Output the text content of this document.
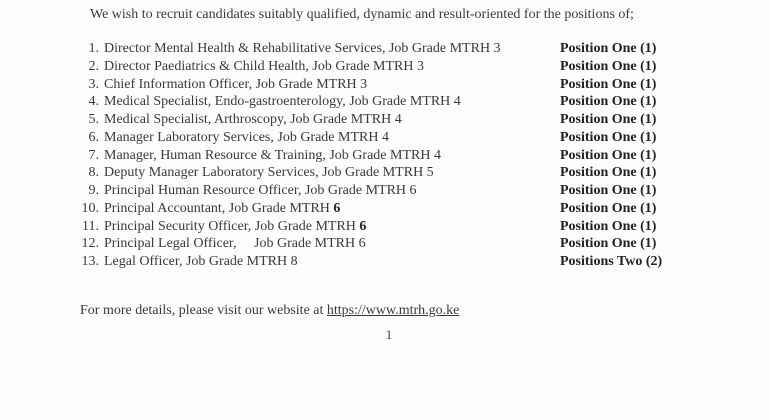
We wish to recruit candidates suitably qualified, dynamic and result-oriented for the positions of;
1. Director Mental Health & Rehabilitative Services, Job Grade MTRH 3	Position One (1)
2. Director Paediatrics & Child Health, Job Grade MTRH 3	Position One (1)
3. Chief Information Officer, Job Grade MTRH 3	Position One (1)
4. Medical Specialist, Endo-gastroenterology, Job Grade MTRH 4	Position One (1)
5. Medical Specialist, Arthroscopy, Job Grade MTRH 4	Position One (1)
6. Manager Laboratory Services, Job Grade MTRH 4	Position One (1)
7. Manager, Human Resource & Training, Job Grade MTRH 4	Position One (1)
8. Deputy Manager Laboratory Services, Job Grade MTRH 5	Position One (1)
9. Principal Human Resource Officer, Job Grade MTRH 6	Position One (1)
10. Principal Accountant, Job Grade MTRH 6	Position One (1)
11. Principal Security Officer, Job Grade MTRH 6	Position One (1)
12. Principal Legal Officer,     Job Grade MTRH 6	Position One (1)
13. Legal Officer, Job Grade MTRH 8	Positions Two (2)
For more details, please visit our website at https://www.mtrh.go.ke
1
